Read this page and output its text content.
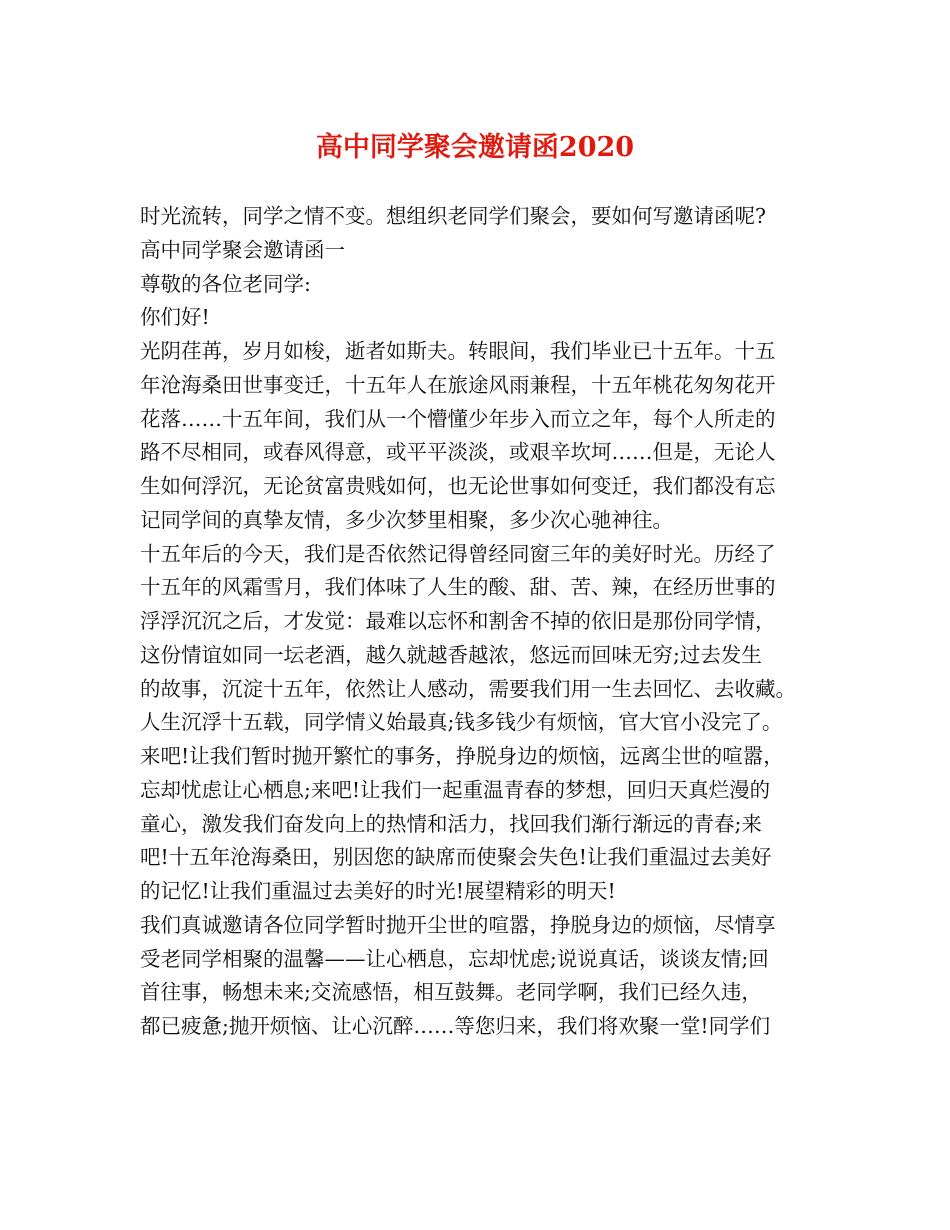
高中同学聚会邀请函2020
时光流转，同学之情不变。想组织老同学们聚会，要如何写邀请函呢?
高中同学聚会邀请函一
尊敬的各位老同学:
你们好!
光阴荏苒，岁月如梭，逝者如斯夫。转眼间，我们毕业已十五年。十五
年沧海桑田世事变迁，十五年人在旅途风雨兼程，十五年桃花匆匆花开
花落……十五年间，我们从一个懵懂少年步入而立之年，每个人所走的
路不尽相同，或春风得意，或平平淡淡，或艰辛坎坷……但是，无论人
生如何浮沉，无论贫富贵贱如何，也无论世事如何变迁，我们都没有忘
记同学间的真挚友情，多少次梦里相聚，多少次心驰神往。
十五年后的今天，我们是否依然记得曾经同窗三年的美好时光。历经了
十五年的风霜雪月，我们体味了人生的酸、甜、苦、辣，在经历世事的
浮浮沉沉之后，才发觉：最难以忘怀和割舍不掉的依旧是那份同学情，
这份情谊如同一坛老酒，越久就越香越浓，悠远而回味无穷;过去发生
的故事，沉淀十五年，依然让人感动，需要我们用一生去回忆、去收藏。
人生沉浮十五载，同学情义始最真;钱多钱少有烦恼，官大官小没完了。
来吧!让我们暂时抛开繁忙的事务，挣脱身边的烦恼，远离尘世的喧嚣，
忘却忧虑让心栖息;来吧!让我们一起重温青春的梦想，回归天真烂漫的
童心，激发我们奋发向上的热情和活力，找回我们渐行渐远的青春;来
吧!十五年沧海桑田，别因您的缺席而使聚会失色!让我们重温过去美好
的记忆!让我们重温过去美好的时光!展望精彩的明天!
我们真诚邀请各位同学暂时抛开尘世的喧嚣，挣脱身边的烦恼，尽情享
受老同学相聚的温馨——让心栖息，忘却忧虑;说说真话，谈谈友情;回
首往事，畅想未来;交流感悟，相互鼓舞。老同学啊，我们已经久违，
都已疲惫;抛开烦恼、让心沉醉……等您归来，我们将欢聚一堂!同学们
